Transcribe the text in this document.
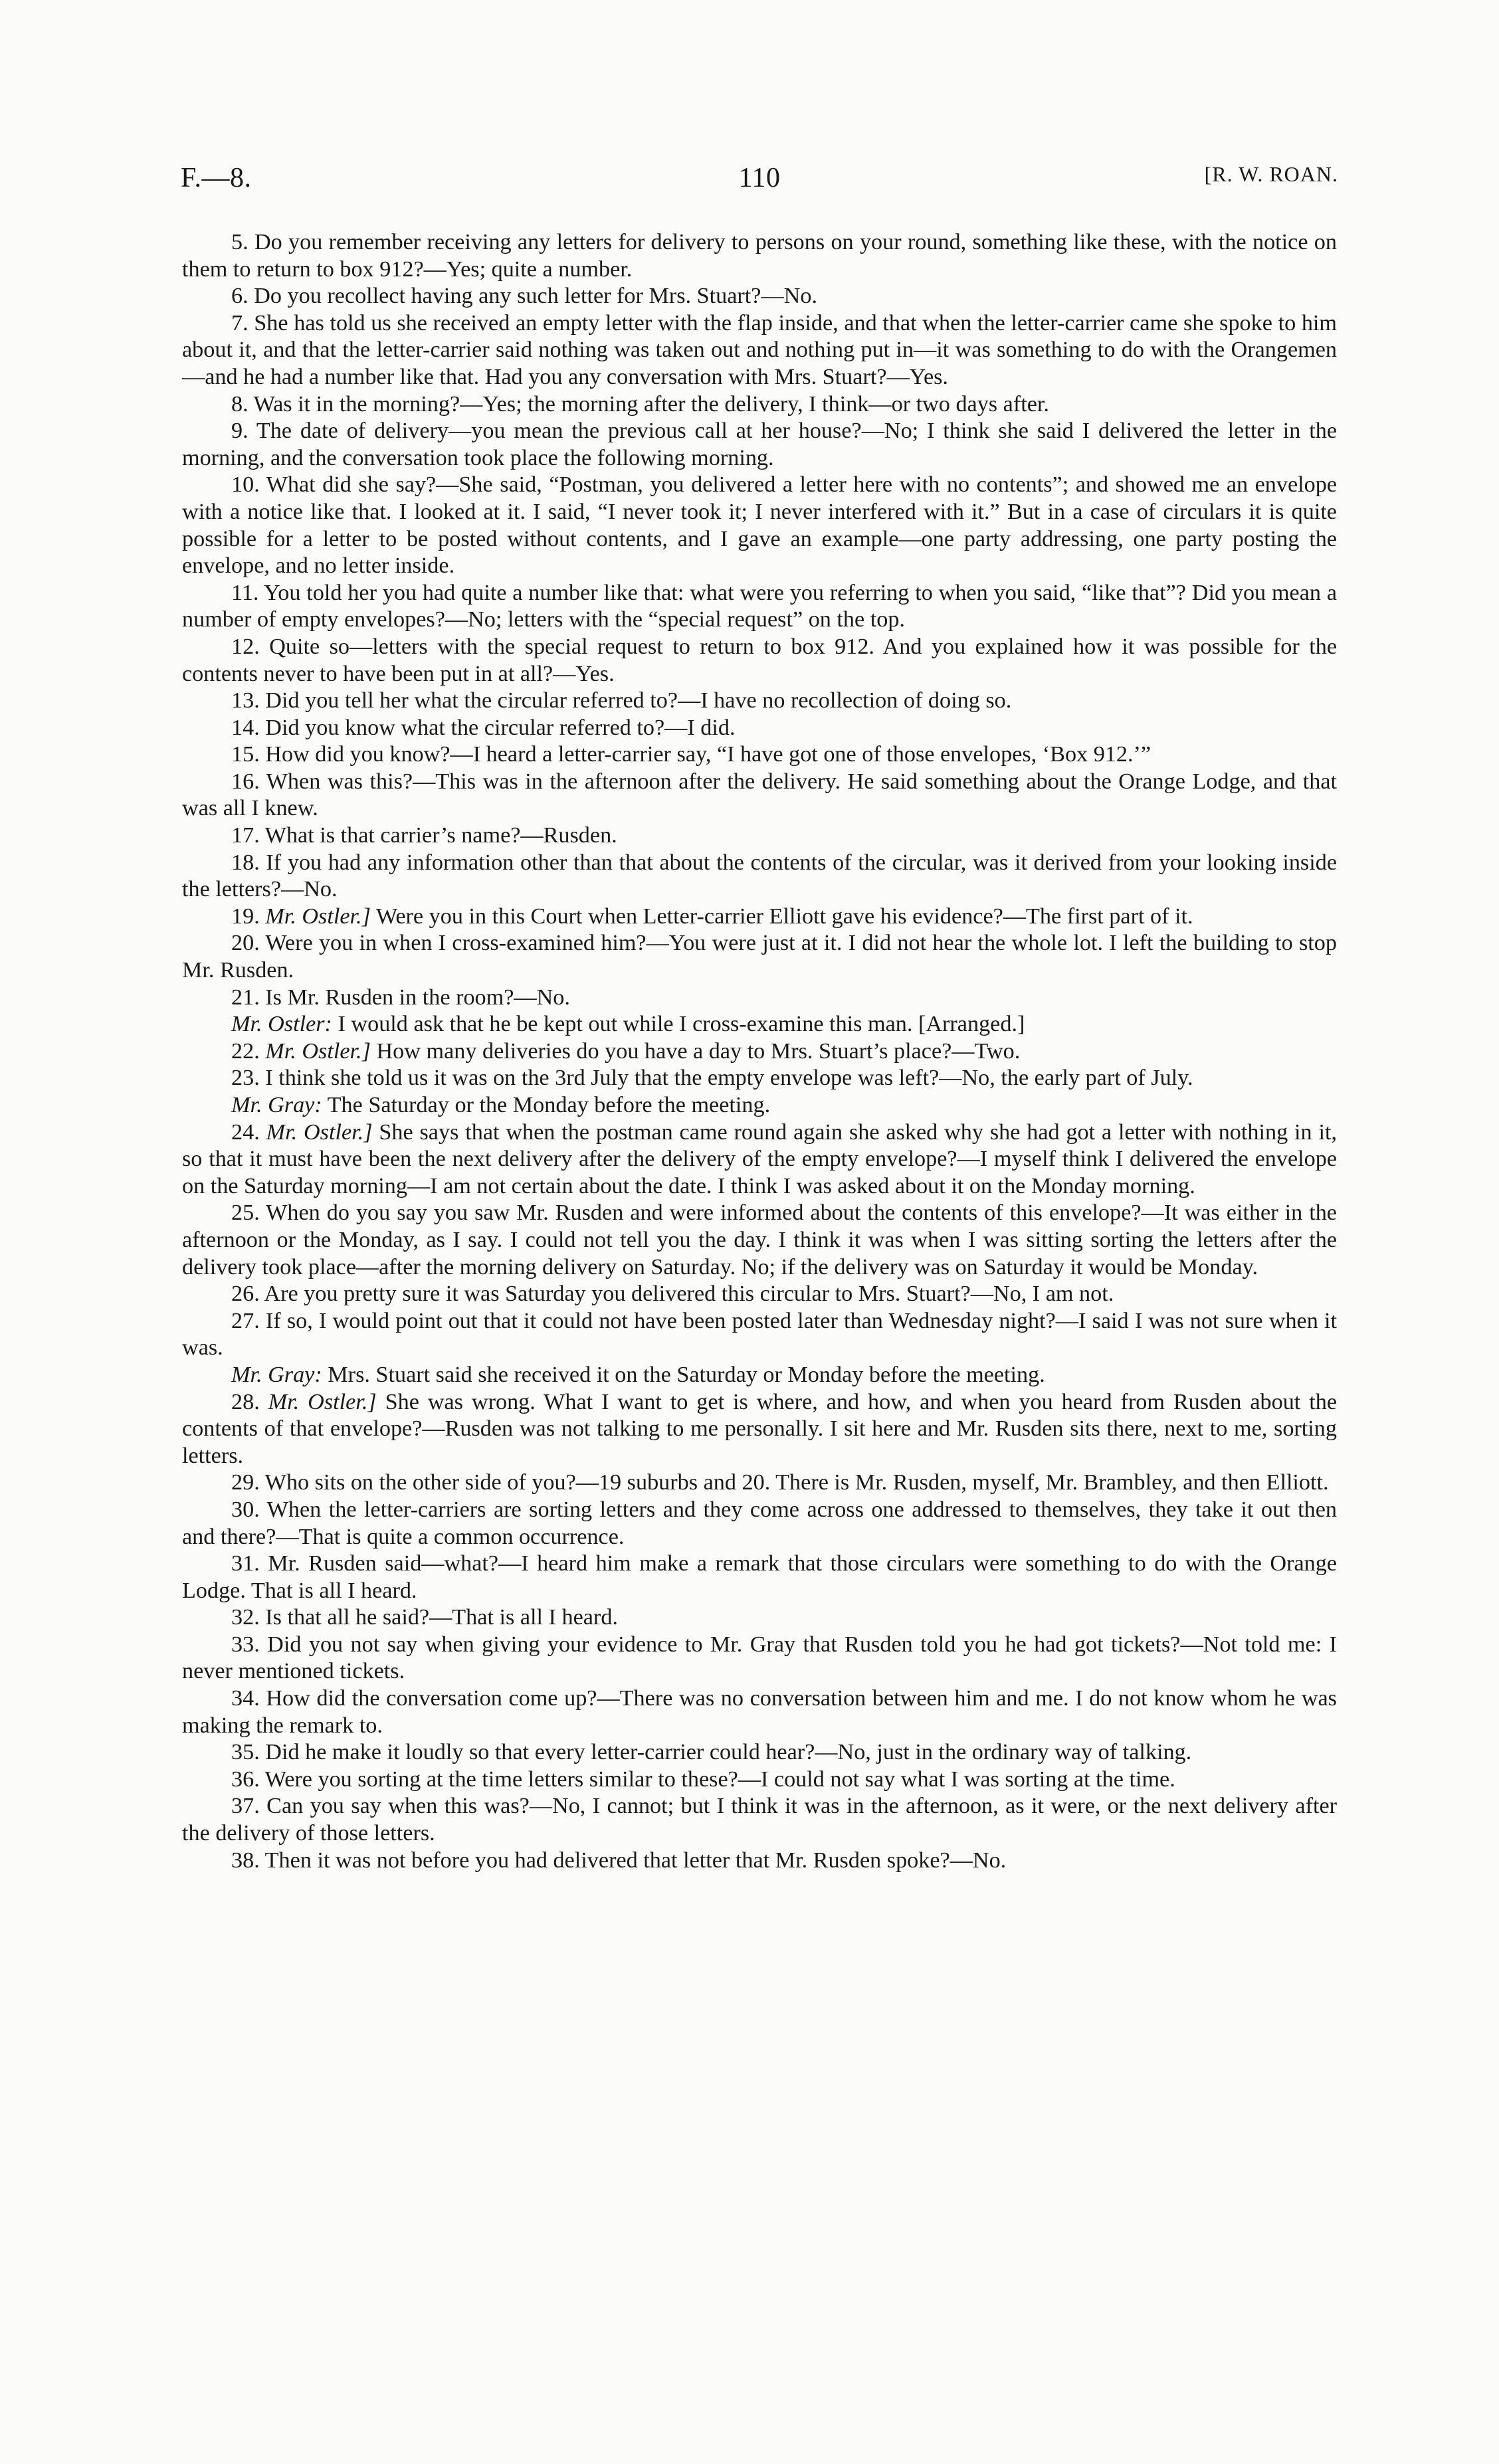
F.—8.	110	[R. W. ROAN.

5. Do you remember receiving any letters for delivery to persons on your round, something like these, with the notice on them to return to box 912?—Yes; quite a number.

6. Do you recollect having any such letter for Mrs. Stuart?—No.

7. She has told us she received an empty letter with the flap inside, and that when the letter-carrier came she spoke to him about it, and that the letter-carrier said nothing was taken out and nothing put in—it was something to do with the Orangemen—and he had a number like that. Had you any conversation with Mrs. Stuart?—Yes.

8. Was it in the morning?—Yes; the morning after the delivery, I think—or two days after.

9. The date of delivery—you mean the previous call at her house?—No; I think she said I delivered the letter in the morning, and the conversation took place the following morning.

10. What did she say?—She said, “Postman, you delivered a letter here with no contents”; and showed me an envelope with a notice like that. I looked at it. I said, “I never took it; I never interfered with it.” But in a case of circulars it is quite possible for a letter to be posted without contents, and I gave an example—one party addressing, one party posting the envelope, and no letter inside.

11. You told her you had quite a number like that: what were you referring to when you said, “like that”? Did you mean a number of empty envelopes?—No; letters with the “special request” on the top.

12. Quite so—letters with the special request to return to box 912. And you explained how it was possible for the contents never to have been put in at all?—Yes.

13. Did you tell her what the circular referred to?—I have no recollection of doing so.

14. Did you know what the circular referred to?—I did.

15. How did you know?—I heard a letter-carrier say, “I have got one of those envelopes, ‘Box 912.’”

16. When was this?—This was in the afternoon after the delivery. He said something about the Orange Lodge, and that was all I knew.

17. What is that carrier’s name?—Rusden.

18. If you had any information other than that about the contents of the circular, was it derived from your looking inside the letters?—No.

19. Mr. Ostler.] Were you in this Court when Letter-carrier Elliott gave his evidence?—The first part of it.

20. Were you in when I cross-examined him?—You were just at it. I did not hear the whole lot. I left the building to stop Mr. Rusden.

21. Is Mr. Rusden in the room?—No.

Mr. Ostler: I would ask that he be kept out while I cross-examine this man. [Arranged.]

22. Mr. Ostler.] How many deliveries do you have a day to Mrs. Stuart’s place?—Two.

23. I think she told us it was on the 3rd July that the empty envelope was left?—No, the early part of July.

Mr. Gray: The Saturday or the Monday before the meeting.

24. Mr. Ostler.] She says that when the postman came round again she asked why she had got a letter with nothing in it, so that it must have been the next delivery after the delivery of the empty envelope?—I myself think I delivered the envelope on the Saturday morning—I am not certain about the date. I think I was asked about it on the Monday morning.

25. When do you say you saw Mr. Rusden and were informed about the contents of this envelope?—It was either in the afternoon or the Monday, as I say. I could not tell you the day. I think it was when I was sitting sorting the letters after the delivery took place—after the morning delivery on Saturday. No; if the delivery was on Saturday it would be Monday.

26. Are you pretty sure it was Saturday you delivered this circular to Mrs. Stuart?—No, I am not.

27. If so, I would point out that it could not have been posted later than Wednesday night?—I said I was not sure when it was.

Mr. Gray: Mrs. Stuart said she received it on the Saturday or Monday before the meeting.

28. Mr. Ostler.] She was wrong. What I want to get is where, and how, and when you heard from Rusden about the contents of that envelope?—Rusden was not talking to me personally. I sit here and Mr. Rusden sits there, next to me, sorting letters.

29. Who sits on the other side of you?—19 suburbs and 20. There is Mr. Rusden, myself, Mr. Brambley, and then Elliott.

30. When the letter-carriers are sorting letters and they come across one addressed to themselves, they take it out then and there?—That is quite a common occurrence.

31. Mr. Rusden said—what?—I heard him make a remark that those circulars were something to do with the Orange Lodge. That is all I heard.

32. Is that all he said?—That is all I heard.

33. Did you not say when giving your evidence to Mr. Gray that Rusden told you he had got tickets?—Not told me: I never mentioned tickets.

34. How did the conversation come up?—There was no conversation between him and me. I do not know whom he was making the remark to.

35. Did he make it loudly so that every letter-carrier could hear?—No, just in the ordinary way of talking.

36. Were you sorting at the time letters similar to these?—I could not say what I was sorting at the time.

37. Can you say when this was?—No, I cannot; but I think it was in the afternoon, as it were, or the next delivery after the delivery of those letters.

38. Then it was not before you had delivered that letter that Mr. Rusden spoke?—No.
